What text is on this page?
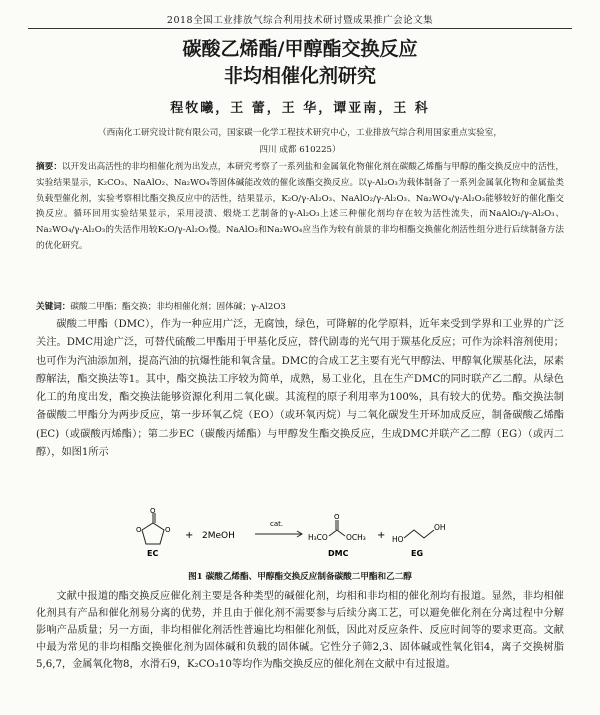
2018全国工业排放气综合利用技术研讨暨成果推广会论文集
碳酸乙烯酯/甲醇酯交换反应
非均相催化剂研究
程牧曦，王 蕾，王 华，谭亚南，王 科
（西南化工研究设计院有限公司，国家碳一化学工程技术研究中心，工业排放气综合利用国家重点实验室，
四川 成都 610225）
摘要：以开发出高活性的非均相催化剂为出发点，本研究考察了一系列盐和金属氧化物催化剂在碳酸乙烯酯与甲醇的酯交换反应中的活性，实验结果显示，K₂CO₃、NaAlO₂、Na₂WO₄等固体碱能改效的催化该酯交换反应。以γ-Al₂O₃为载体制备了一系列金属氧化物和金属盐类负载型催化剂，实验考察相比酯交换反应中的活性，结果显示，K₂O/γ-Al₂O₃、NaAlO₂/γ-Al₂O₃、Na₂WO₄/γ-Al₂O₃能够较好的催化酯交换反应。循环回用实验结果显示，采用浸渍、煅烧工艺制备的γ-Al₂O₃上述三种催化剂均存在较为活性流失，而NaAlO₂/γ-Al₂O₃、Na₂WO₄/γ-Al₂O₃的失活作用较K₂O/γ-Al₂O₃慢。NaAlO₂和Na₂WO₄应当作为较有前景的非均相酯交换催化剂活性组分进行后续制备方法的优化研究。
关键词：碳酸二甲酯；酯交换；非均相催化剂；固体碱；γ-Al2O3
碳酸二甲酯（DMC），作为一种应用广泛，无腐蚀，绿色，可降解的化学原料，近年来受到学界和工业界的广泛关注。DMC用途广泛，可替代硫酸二甲酯用于甲基化反应，替代剧毒的光气用于羰基化反应；可作为涂料溶剂使用；也可作为汽油添加剂，提高汽油的抗爆性能和氧含量。DMC的合成工艺主要有光气甲醇法、甲醇氧化羰基化法，尿素醇解法，酯交换法等1。其中，酯交换法工序较为简单，成熟，易工业化，且在生产DMC的同时联产乙二醇。从绿色化工的角度出发，酯交换法能够资源化利用二氧化碳。其流程的原子利用率为100%，具有较大的优势。酯交换法制备碳酸二甲酯分为两步反应，第一步环氧乙烷（EO）（或环氧丙烷）与二氧化碳发生开环加成反应，制备碳酸乙烯酯(EC)（或碳酸丙烯酯）；第二步EC（碳酸丙烯酯）与甲醇发生酯交换反应，生成DMC并联产乙二醇（EG）（或丙二醇），如图1所示
O
O	O
EC
+ 2MeOH
cat.
H₃CO
O
OCH₃
DMC
+ HO
OH
EG
图1 碳酸乙烯酯、甲醇酯交换反应制备碳酸二甲酯和乙二醇
文献中报道的酯交换反应催化剂主要是各种类型的碱催化剂，均相和非均相的催化剂均有报道。显然，非均相催化剂具有产品和催化剂易分离的优势，并且由于催化剂不需要参与后续分离工艺，可以避免催化剂在分离过程中分解影响产品质量；另一方面，非均相催化剂活性普遍比均相催化剂低，因此对反应条件、反应时间等的要求更高。文献中最为常见的非均相酯交换催化剂为固体碱和负载的固体碱。它性分子筛2,3、固体碱或性氧化铝4，离子交换树脂5,6,7，金属氧化物8，水滑石9，K₂CO₃10等均作为酯交换反应的催化剂在文献中有过报道。
